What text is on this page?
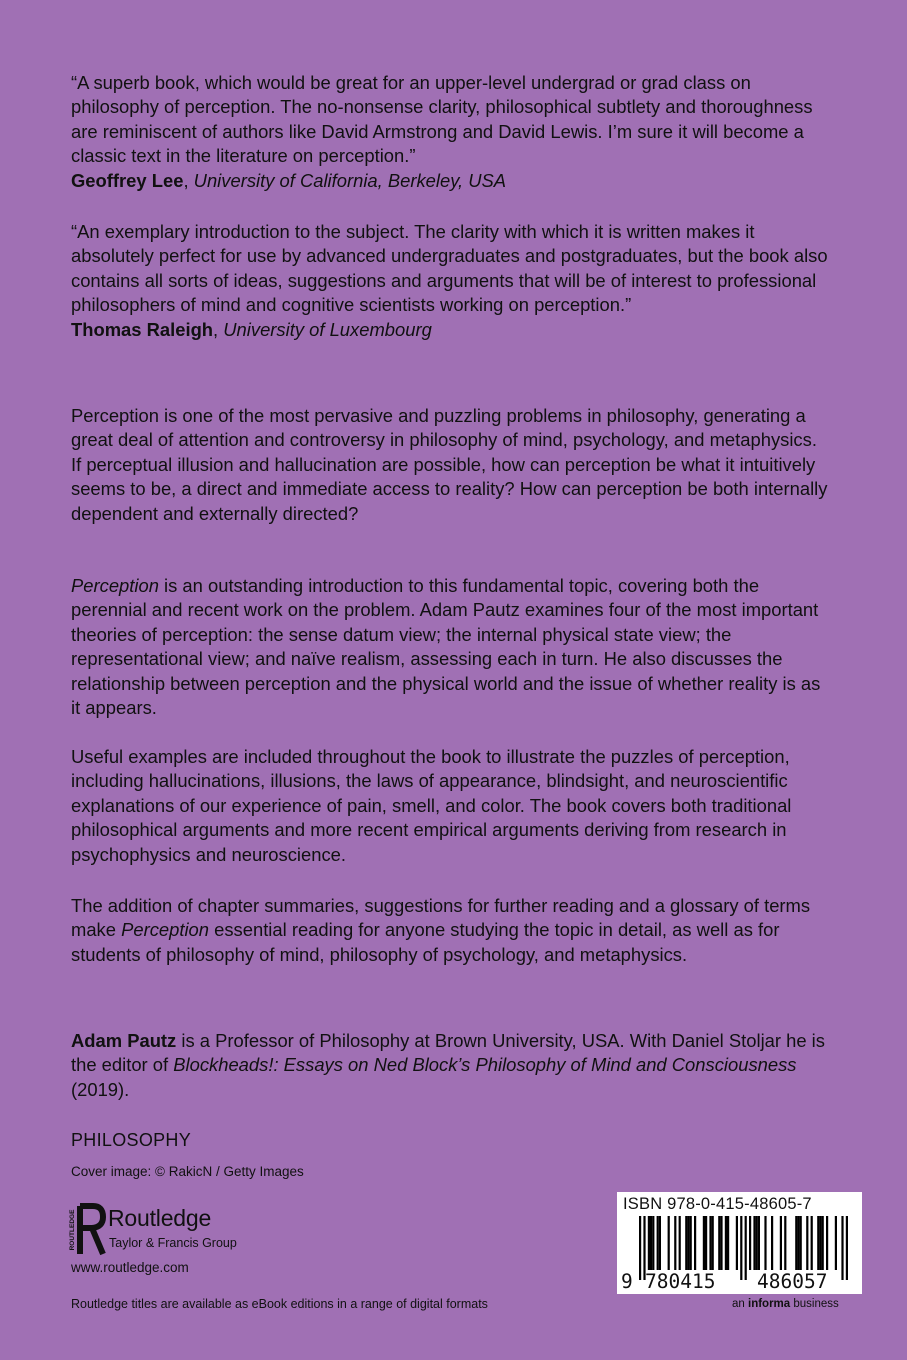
“A superb book, which would be great for an upper-level undergrad or grad class on philosophy of perception. The no-nonsense clarity, philosophical subtlety and thoroughness are reminiscent of authors like David Armstrong and David Lewis. I’m sure it will become a classic text in the literature on perception.”

Geoffrey Lee, University of California, Berkeley, USA

“An exemplary introduction to the subject. The clarity with which it is written makes it absolutely perfect for use by advanced undergraduates and postgraduates, but the book also contains all sorts of ideas, suggestions and arguments that will be of interest to professional philosophers of mind and cognitive scientists working on perception.”

Thomas Raleigh, University of Luxembourg

Perception is one of the most pervasive and puzzling problems in philosophy, generating a great deal of attention and controversy in philosophy of mind, psychology, and metaphysics. If perceptual illusion and hallucination are possible, how can perception be what it intuitively seems to be, a direct and immediate access to reality? How can perception be both internally dependent and externally directed?

Perception is an outstanding introduction to this fundamental topic, covering both the perennial and recent work on the problem. Adam Pautz examines four of the most important theories of perception: the sense datum view; the internal physical state view; the representational view; and naïve realism, assessing each in turn. He also discusses the relationship between perception and the physical world and the issue of whether reality is as it appears.

Useful examples are included throughout the book to illustrate the puzzles of perception, including hallucinations, illusions, the laws of appearance, blindsight, and neuroscientific explanations of our experience of pain, smell, and color. The book covers both traditional philosophical arguments and more recent empirical arguments deriving from research in psychophysics and neuroscience.

The addition of chapter summaries, suggestions for further reading and a glossary of terms make Perception essential reading for anyone studying the topic in detail, as well as for students of philosophy of mind, philosophy of psychology, and metaphysics.

Adam Pautz is a Professor of Philosophy at Brown University, USA. With Daniel Stoljar he is the editor of Blockheads!: Essays on Ned Block’s Philosophy of Mind and Consciousness (2019).

PHILOSOPHY
Cover image: © RakicN / Getty Images
ROUTLEDGE Routledge
Taylor & Francis Group
www.routledge.com
Routledge titles are available as eBook editions in a range of digital formats
ISBN 978-0-415-48605-7
9 780415 486057
an informa business
